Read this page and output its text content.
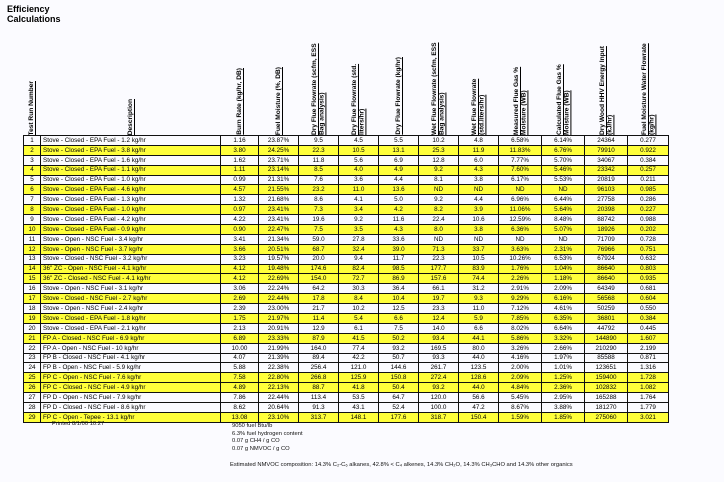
Efficiency
Calculations
Test Run Number	Description	Burn Rate (kg/hr, DB)	Fuel Moisture (%, DB)	Dry Flue Flowrate (scfm, ESS Bag analysis)	Dry Flue Flowrate (std. liters/hr)	Dry Flue Flowrate (kg/hr)	Wet Flue Flowrate (scfm, ESS Bag analysis)	Wet Flue Flowrate (std.liters/hr)	Measured Flue Gas % Moisture (WB)	Calculated Flue Gas % Moisture (WB)	Dry Wood HHV Energy Input (kJ/hr)	Fuel Moisture Water Flowrate (kg/hr)

1	Stove - Closed - EPA Fuel - 1.2 kg/hr	1.16	23.87%	9.5	4.5	5.5	10.2	4.8	6.58%	6.14%	24364	0.277
2	Stove - Closed - EPA Fuel - 3.8 kg/hr	3.80	24.25%	22.3	10.5	13.1	25.3	11.9	11.83%	6.76%	79910	0.922
3	Stove - Closed - EPA Fuel - 1.6 kg/hr	1.62	23.71%	11.8	5.6	6.9	12.8	6.0	7.77%	5.70%	34067	0.384
4	Stove - Closed - EPA Fuel - 1.1 kg/hr	1.11	23.14%	8.5	4.0	4.9	9.2	4.3	7.60%	5.46%	23342	0.257
5	Stove - Closed - EPA Fuel - 1.0 kg/hr	0.99	21.31%	7.6	3.6	4.4	8.1	3.8	6.17%	5.53%	20819	0.211
6	Stove - Closed - EPA Fuel - 4.6 kg/hr	4.57	21.55%	23.2	11.0	13.6	ND	ND	ND	ND	96103	0.985
7	Stove - Closed - EPA Fuel - 1.3 kg/hr	1.32	21.68%	8.6	4.1	5.0	9.2	4.4	6.96%	6.44%	27758	0.286
8	Stove - Closed - EPA Fuel - 1.0 kg/hr	0.97	23.41%	7.3	3.4	4.2	8.2	3.9	11.06%	5.64%	20398	0.227
9	Stove - Closed - EPA Fuel - 4.2 kg/hr	4.22	23.41%	19.6	9.2	11.6	22.4	10.6	12.59%	8.48%	88742	0.988
10	Stove - Closed - EPA Fuel - 0.9 kg/hr	0.90	22.47%	7.5	3.5	4.3	8.0	3.8	6.36%	5.07%	18926	0.202
11	Stove - Open - NSC Fuel - 3.4 kg/hr	3.41	21.34%	59.0	27.8	33.6	ND	ND	ND	ND	71709	0.728
12	Stove - Open - NSC Fuel - 3.7 kg/hr	3.66	20.51%	68.7	32.4	39.0	71.3	33.7	3.63%	2.31%	76966	0.751
13	Stove - Closed - NSC Fuel - 3.2 kg/hr	3.23	19.57%	20.0	9.4	11.7	22.3	10.5	10.26%	6.53%	67924	0.632
14	36" ZC - Open - NSC Fuel - 4.1 kg/hr	4.12	19.48%	174.6	82.4	98.5	177.7	83.9	1.76%	1.04%	86640	0.803
15	36" ZC - Closed - NSC Fuel - 4.1 kg/hr	4.12	22.69%	154.0	72.7	86.9	157.6	74.4	2.26%	1.18%	86640	0.935
16	Stove - Open - NSC Fuel - 3.1 kg/hr	3.06	22.24%	64.2	30.3	36.4	66.1	31.2	2.91%	2.09%	64349	0.681
17	Stove - Closed - NSC Fuel - 2.7 kg/hr	2.69	22.44%	17.8	8.4	10.4	19.7	9.3	9.29%	6.16%	56568	0.604
18	Stove - Open - NSC Fuel - 2.4 kg/hr	2.39	23.00%	21.7	10.2	12.5	23.3	11.0	7.12%	4.61%	50259	0.550
19	Stove - Closed - EPA Fuel - 1.8 kg/hr	1.75	21.97%	11.4	5.4	6.6	12.4	5.9	7.85%	6.35%	36801	0.384
20	Stove - Closed - EPA Fuel - 2.1 kg/hr	2.13	20.91%	12.9	6.1	7.5	14.0	6.6	8.02%	6.64%	44792	0.445
21	FP A - Closed - NSC Fuel - 6.9 kg/hr	6.89	23.33%	87.9	41.5	50.2	93.4	44.1	5.86%	3.32%	144890	1.607
22	FP A - Open - NSC Fuel - 10 kg/hr	10.00	21.99%	164.0	77.4	93.2	169.5	80.0	3.26%	2.66%	210290	2.199
23	FP B - Closed - NSC Fuel - 4.1 kg/hr	4.07	21.39%	89.4	42.2	50.7	93.3	44.0	4.16%	1.97%	85588	0.871
24	FP B - Open - NSC Fuel - 5.9 kg/hr	5.88	22.38%	256.4	121.0	144.6	261.7	123.5	2.00%	1.01%	123651	1.316
25	FP C - Open - NSC Fuel - 7.6 kg/hr	7.58	22.80%	266.8	125.9	150.8	272.4	128.6	2.09%	1.25%	159400	1.728
26	FP C - Closed - NSC Fuel - 4.9 kg/hr	4.89	22.13%	88.7	41.8	50.4	93.2	44.0	4.84%	2.36%	102832	1.082
27	FP D - Open - NSC Fuel - 7.9 kg/hr	7.86	22.44%	113.4	53.5	64.7	120.0	56.6	5.45%	2.95%	165288	1.764
28	FP D - Closed - NSC Fuel - 8.6 kg/hr	8.62	20.64%	91.3	43.1	52.4	100.0	47.2	8.67%	3.88%	181270	1.779
29	FP C - Open - Tepee - 13.1 kg/hr	13.08	23.10%	313.7	148.1	177.6	318.7	150.4	1.59%	1.85%	275060	3.021
Printed 8/1/00 10:27	9050 fuel Btu/lb
6.3% fuel hydrogen content
0.07 g CH4 / g CO
0.07 g NMVOC / g CO
Estimated NMVOC composition: 14.3% C₂-C₆ alkanes, 42.8% < C₄ alkenes, 14.3% CH₂O, 14.3% CH₃CHO and 14.3% other organics
